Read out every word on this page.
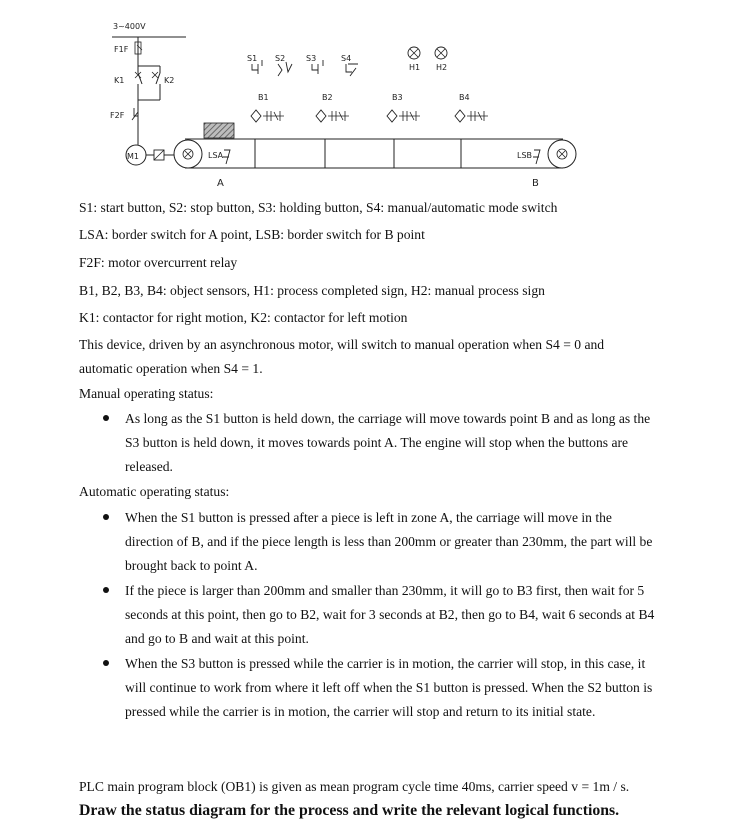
3~400V
F1F
K1	K2
F2F
M1	LSA	LSB
A	B
S1 S2	S3	S4
H1 H2
B1	B2	B3	B4
S1: start button, S2: stop button, S3: holding button, S4: manual/automatic mode switch
LSA: border switch for A point, LSB: border switch for B point
F2F: motor overcurrent relay
B1, B2, B3, B4: object sensors, H1: process completed sign, H2: manual process sign
K1: contactor for right motion, K2: contactor for left motion
This device, driven by an asynchronous motor, will switch to manual operation when S4 = 0 and automatic operation when S4 = 1.
Manual operating status:
As long as the S1 button is held down, the carriage will move towards point B and as long as the S3 button is held down, it moves towards point A. The engine will stop when the buttons are released.
Automatic operating status:
When the S1 button is pressed after a piece is left in zone A, the carriage will move in the direction of B, and if the piece length is less than 200mm or greater than 230mm, the part will be brought back to point A.
If the piece is larger than 200mm and smaller than 230mm, it will go to B3 first, then wait for 5 seconds at this point, then go to B2, wait for 3 seconds at B2, then go to B4, wait 6 seconds at B4 and go to B and wait at this point.
When the S3 button is pressed while the carrier is in motion, the carrier will stop, in this case, it will continue to work from where it left off when the S1 button is pressed. When the S2 button is pressed while the carrier is in motion, the carrier will stop and return to its initial state.
PLC main program block (OB1) is given as mean program cycle time 40ms, carrier speed v = 1m / s.
Draw the status diagram for the process and write the relevant logical functions.
